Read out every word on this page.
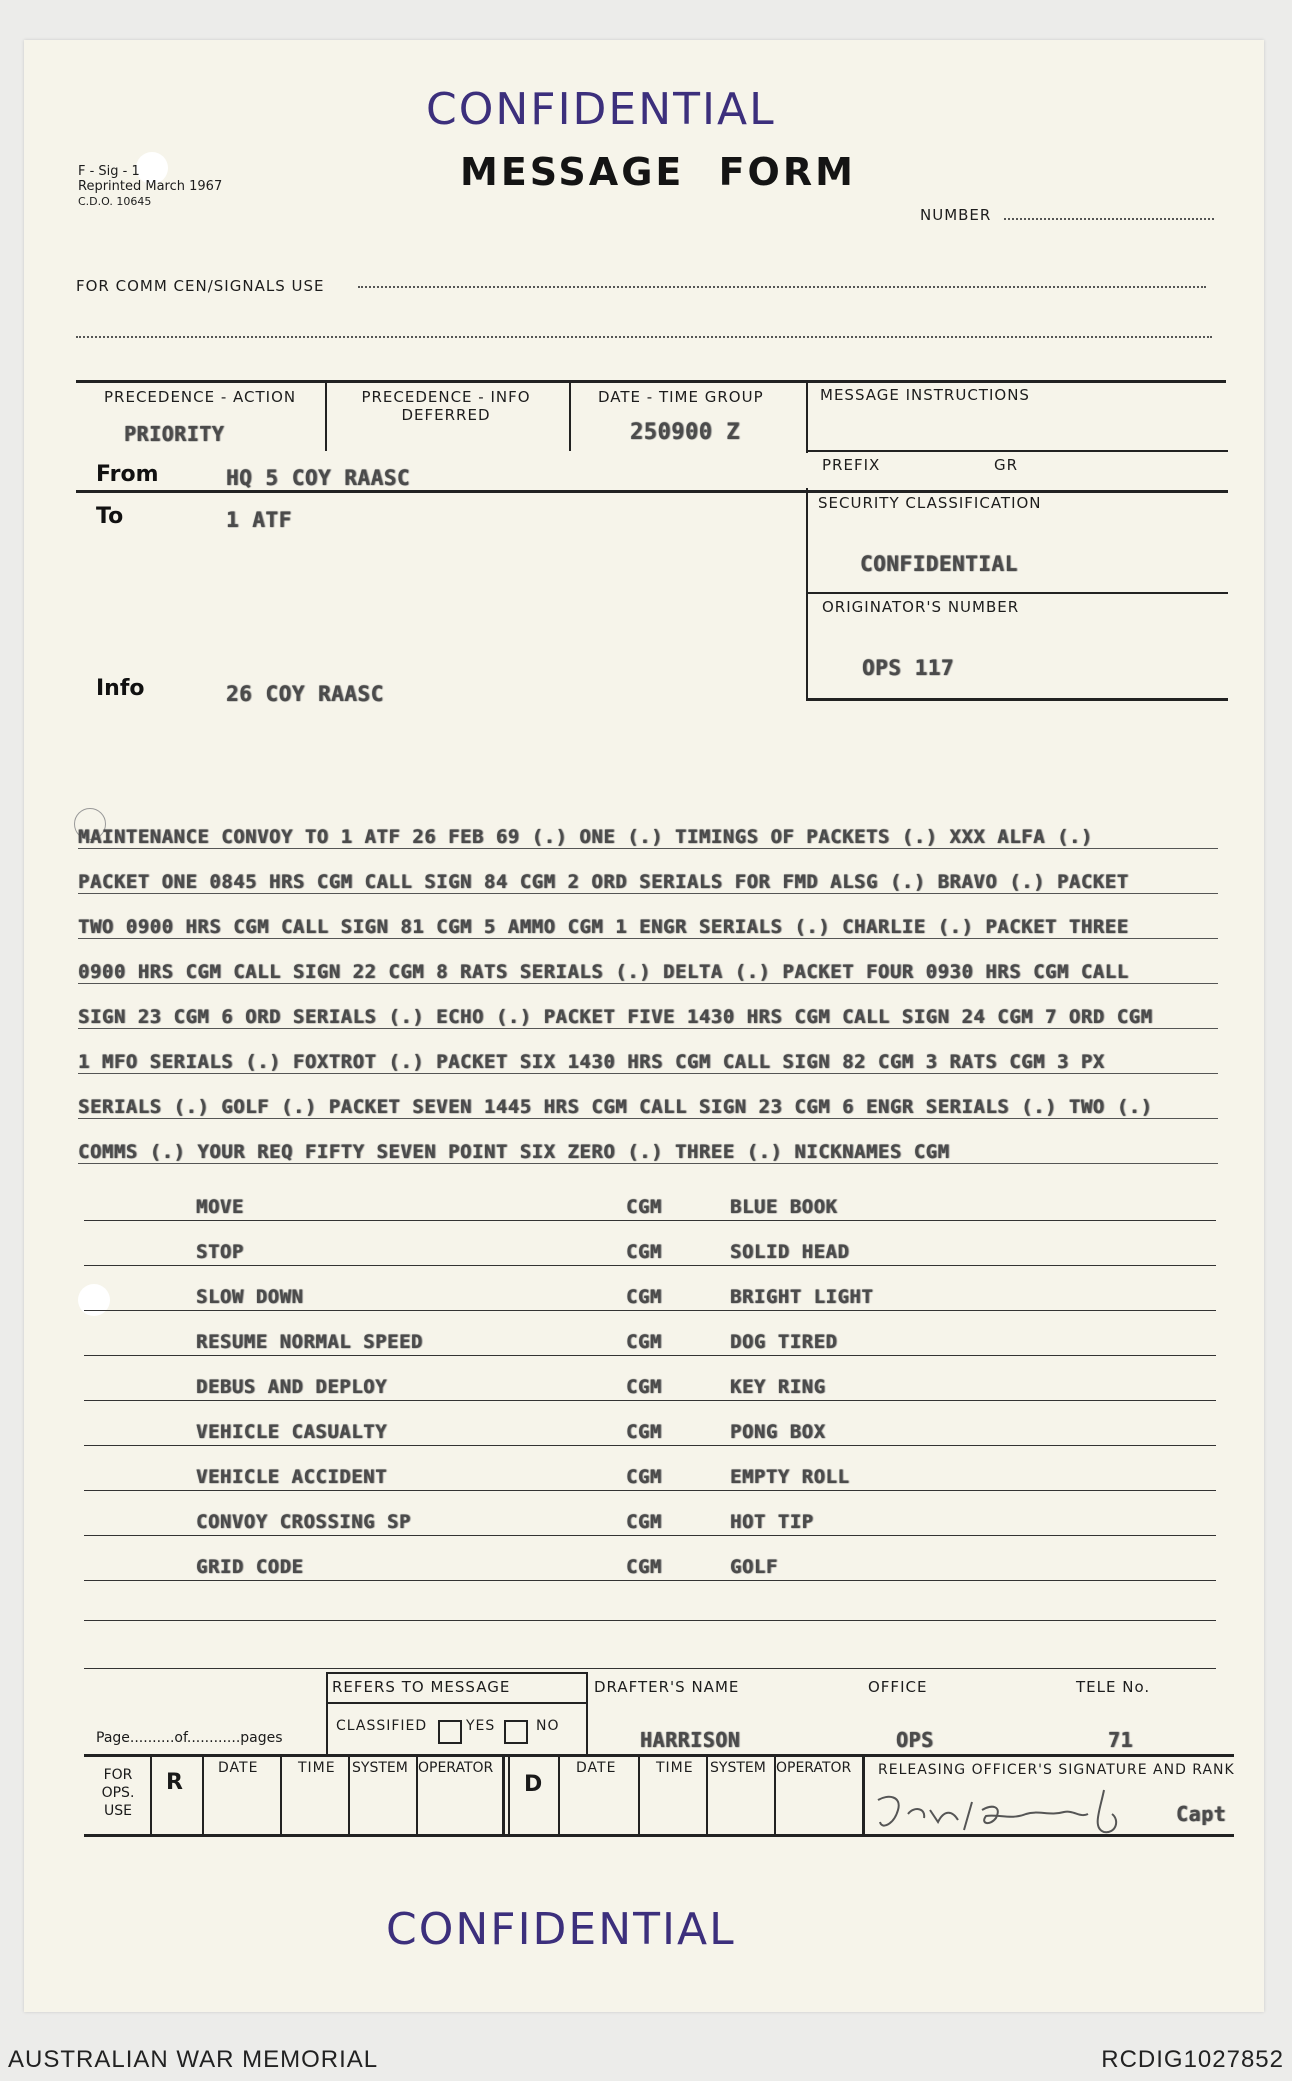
CONFIDENTIAL
MESSAGE FORM
F - Sig - 1
Reprinted March 1967
C.D.O. 10645
NUMBER
FOR COMM CEN/SIGNALS USE
PRECEDENCE - ACTION
PRIORITY
PRECEDENCE - INFO
DEFERRED
DATE - TIME GROUP
250900 Z
MESSAGE INSTRUCTIONS
From	HQ 5 COY RAASC
PREFIX	GR
To	1 ATF
SECURITY CLASSIFICATION
CONFIDENTIAL
ORIGINATOR'S NUMBER
OPS 117
Info	26 COY RAASC
MAINTENANCE CONVOY TO 1 ATF 26 FEB 69 (.) ONE (.) TIMINGS OF PACKETS (.) XXX ALFA (.)
PACKET ONE 0845 HRS CGM CALL SIGN 84 CGM 2 ORD SERIALS FOR FMD ALSG (.) BRAVO (.) PACKET
TWO 0900 HRS CGM CALL SIGN 81 CGM 5 AMMO CGM 1 ENGR SERIALS (.) CHARLIE (.) PACKET THREE
0900 HRS CGM CALL SIGN 22 CGM 8 RATS SERIALS (.) DELTA (.) PACKET FOUR 0930 HRS CGM CALL
SIGN 23 CGM 6 ORD SERIALS (.) ECHO (.) PACKET FIVE 1430 HRS CGM CALL SIGN 24 CGM 7 ORD CGM
1 MFO SERIALS (.) FOXTROT (.) PACKET SIX 1430 HRS CGM CALL SIGN 82 CGM 3 RATS CGM 3 PX
SERIALS (.) GOLF (.) PACKET SEVEN 1445 HRS CGM CALL SIGN 23 CGM 6 ENGR SERIALS (.) TWO (.)
COMMS (.) YOUR REQ FIFTY SEVEN POINT SIX ZERO (.) THREE (.) NICKNAMES CGM
MOVE	CGM	BLUE BOOK
STOP	CGM	SOLID HEAD
SLOW DOWN	CGM	BRIGHT LIGHT
RESUME NORMAL SPEED	CGM	DOG TIRED
DEBUS AND DEPLOY	CGM	KEY RING
VEHICLE CASUALTY	CGM	PONG BOX
VEHICLE ACCIDENT	CGM	EMPTY ROLL
CONVOY CROSSING SP	CGM	HOT TIP
GRID CODE	CGM	GOLF
REFERS TO MESSAGE
CLASSIFIED	YES	NO
Page..........of............pages
DRAFTER'S NAME
HARRISON
OFFICE
OPS
TELE No.
71
FOR
OPS.
USE
R
DATE	TIME SYSTEM OPERATOR
D
DATE	TIME SYSTEM OPERATOR RELEASING OFFICER'S SIGNATURE AND RANK
Capt
CONFIDENTIAL
AUSTRALIAN WAR MEMORIAL	RCDIG1027852
